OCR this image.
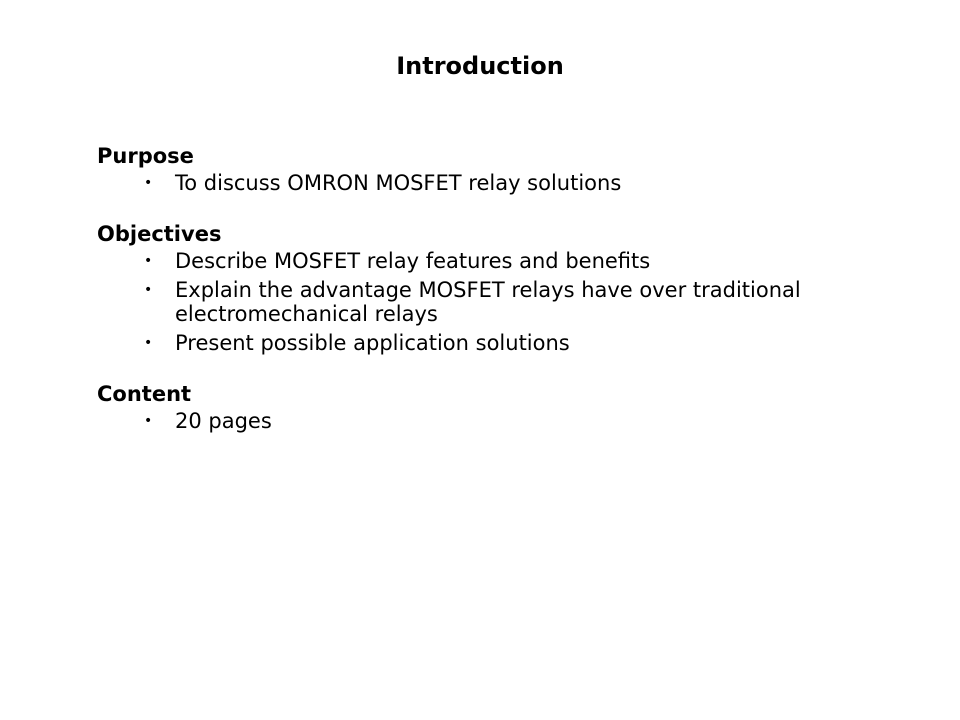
Introduction
Purpose
• To discuss OMRON MOSFET relay solutions
Objectives
• Describe MOSFET relay features and benefits
• Explain the advantage MOSFET relays have over traditional electromechanical relays
• Present possible application solutions
Content
• 20 pages
